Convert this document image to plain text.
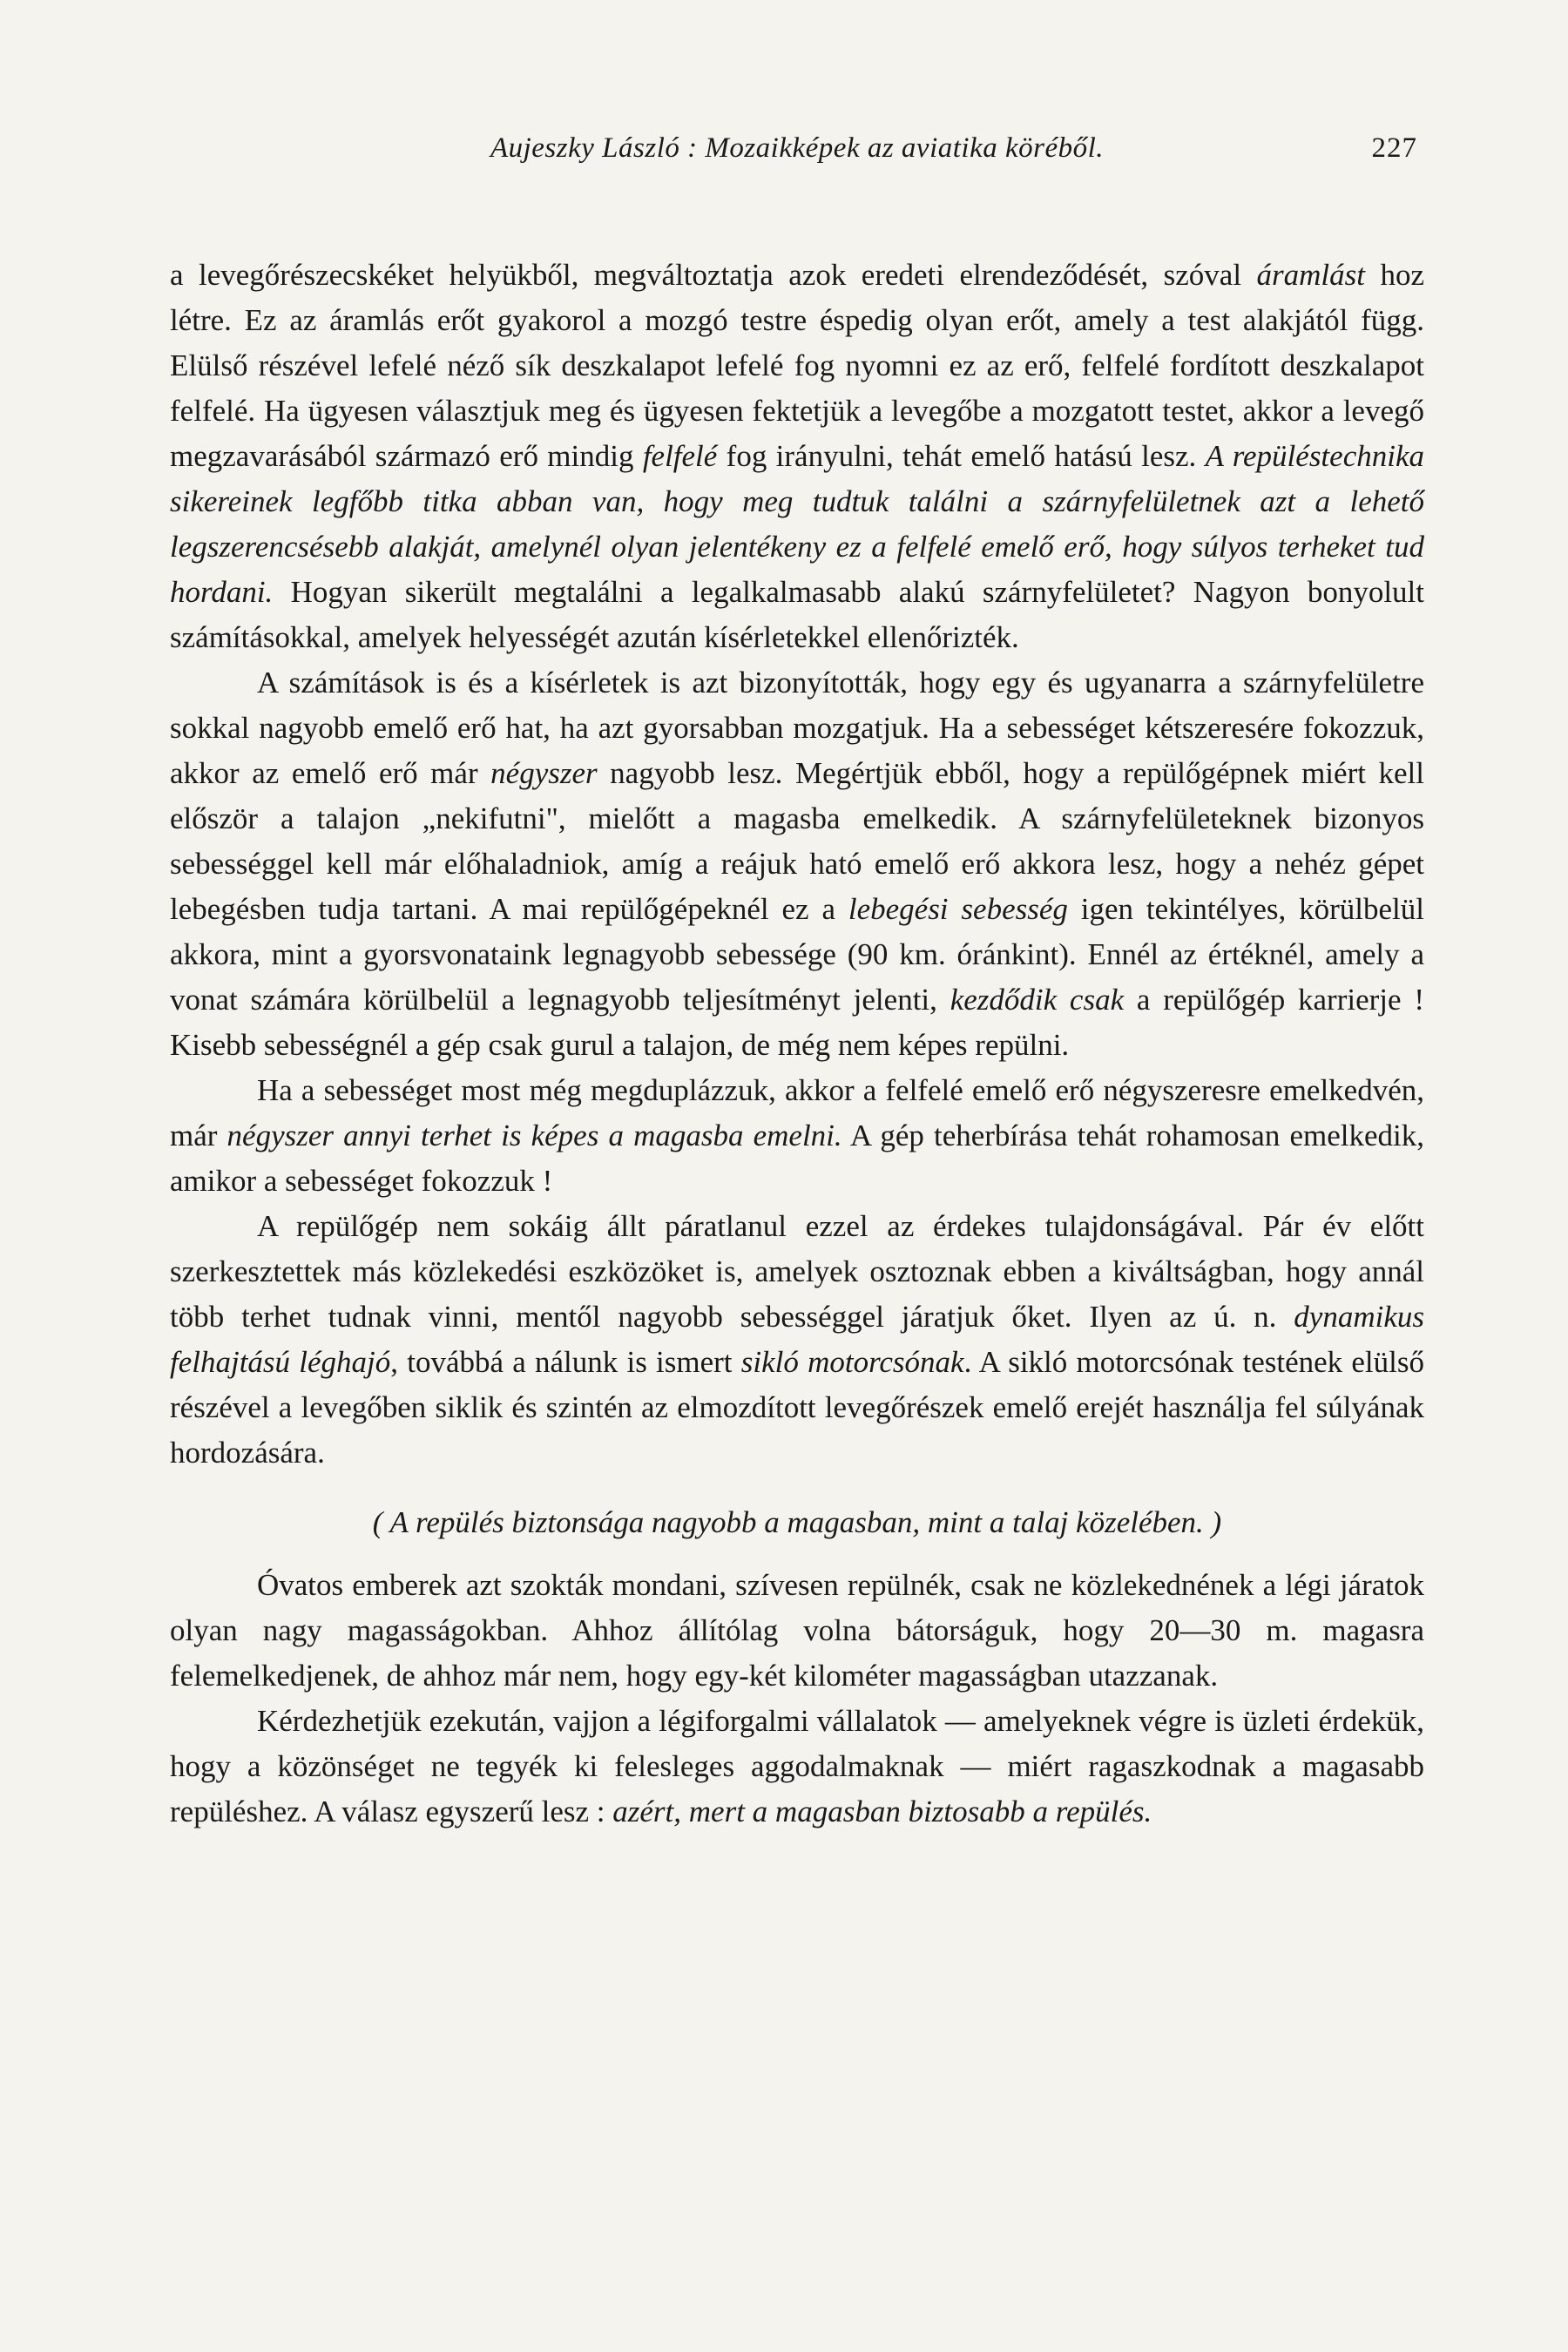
Aujeszky László : Mozaikképek az aviatika köréből.	227

a levegőrészecskéket helyükből, megváltoztatja azok eredeti elrendeződését, szóval áramlást hoz létre. Ez az áramlás erőt gyakorol a mozgó testre éspedig olyan erőt, amely a test alakjától függ. Elülső részével lefelé néző sík deszkalapot lefelé fog nyomni ez az erő, felfelé fordított deszkalapot felfelé. Ha ügyesen választjuk meg és ügyesen fektetjük a levegőbe a mozgatott testet, akkor a levegő megzavarásából származó erő mindig felfelé fog irányulni, tehát emelő hatású lesz. A repüléstechnika sikereinek legfőbb titka abban van, hogy meg tudtuk találni a szárnyfelületnek azt a lehető legszerencsésebb alakját, amelynél olyan jelentékeny ez a felfelé emelő erő, hogy súlyos terheket tud hordani. Hogyan sikerült megtalálni a legalkalmasabb alakú szárnyfelületet? Nagyon bonyolult számításokkal, amelyek helyességét azután kísérletekkel ellenőrizték.

A számítások is és a kísérletek is azt bizonyították, hogy egy és ugyanarra a szárnyfelületre sokkal nagyobb emelő erő hat, ha azt gyorsabban mozgatjuk. Ha a sebességet kétszeresére fokozzuk, akkor az emelő erő már négyszer nagyobb lesz. Megértjük ebből, hogy a repülőgépnek miért kell először a talajon „nekifutni", mielőtt a magasba emelkedik. A szárnyfelületeknek bizonyos sebességgel kell már előhaladniok, amíg a reájuk ható emelő erő akkora lesz, hogy a nehéz gépet lebegésben tudja tartani. A mai repülőgépeknél ez a lebegési sebesség igen tekintélyes, körülbelül akkora, mint a gyorsvonataink legnagyobb sebessége (90 km. óránkint). Ennél az értéknél, amely a vonat számára körülbelül a legnagyobb teljesítményt jelenti, kezdődik csak a repülőgép karrierje ! Kisebb sebességnél a gép csak gurul a talajon, de még nem képes repülni.

Ha a sebességet most még megduplázzuk, akkor a felfelé emelő erő négyszeresre emelkedvén, már négyszer annyi terhet is képes a magasba emelni. A gép teherbírása tehát rohamosan emelkedik, amikor a sebességet fokozzuk !

A repülőgép nem sokáig állt páratlanul ezzel az érdekes tulajdonságával. Pár év előtt szerkesztettek más közlekedési eszközöket is, amelyek osztoznak ebben a kiváltságban, hogy annál több terhet tudnak vinni, mentől nagyobb sebességgel járatjuk őket. Ilyen az ú. n. dynamikus felhajtású léghajó, továbbá a nálunk is ismert sikló motorcsónak. A sikló motorcsónak testének elülső részével a levegőben siklik és szintén az elmozdított levegőrészek emelő erejét használja fel súlyának hordozására.

( A repülés biztonsága nagyobb a magasban, mint a talaj közelében. )

Óvatos emberek azt szokták mondani, szívesen repülnék, csak ne közlekednének a légi járatok olyan nagy magasságokban. Ahhoz állítólag volna bátorságuk, hogy 20—30 m. magasra felemelkedjenek, de ahhoz már nem, hogy egy-két kilométer magasságban utazzanak.

Kérdezhetjük ezekután, vajjon a légiforgalmi vállalatok — amelyeknek végre is üzleti érdekük, hogy a közönséget ne tegyék ki felesleges aggodalmaknak — miért ragaszkodnak a magasabb repüléshez. A válasz egyszerű lesz : azért, mert a magasban biztosabb a repülés.
